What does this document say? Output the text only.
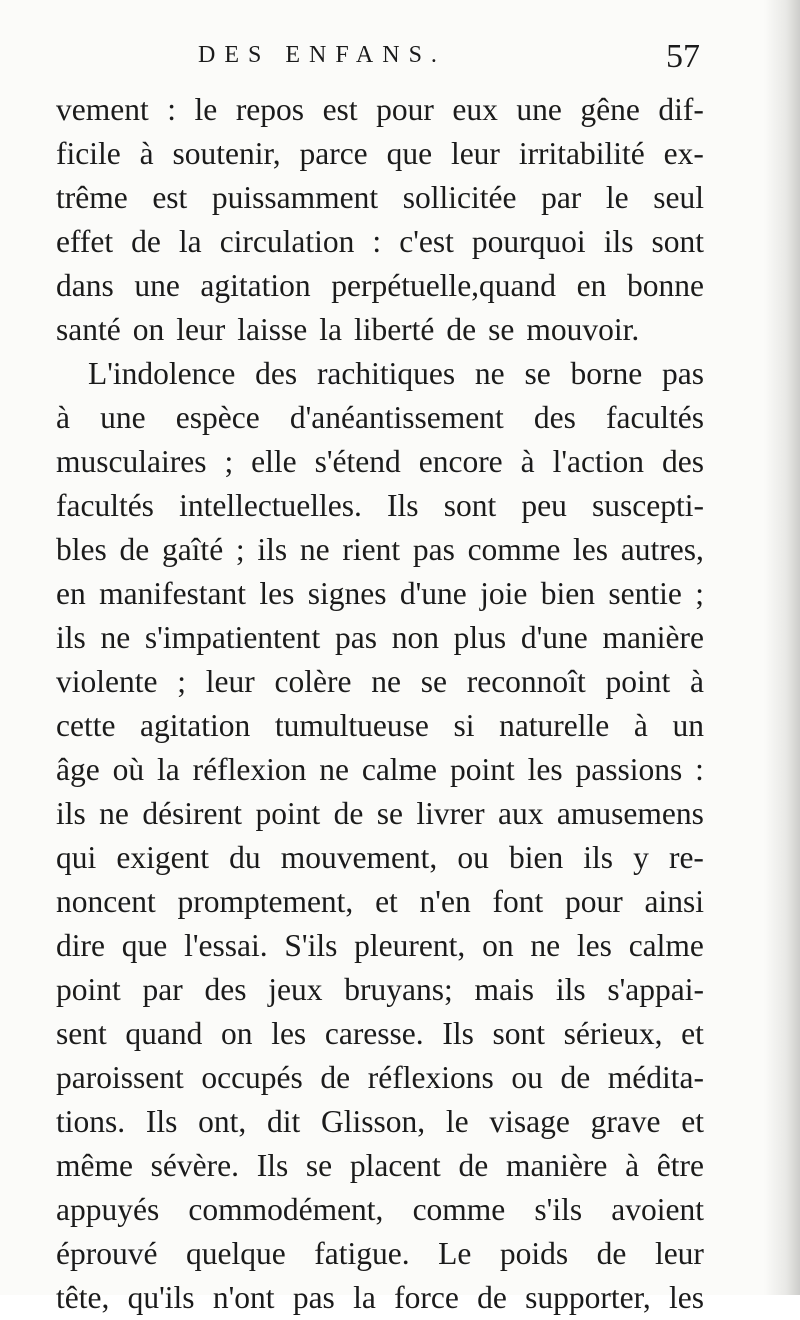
DES ENFANS.	57
vement : le repos est pour eux une gêne dif-
ficile à soutenir, parce que leur irritabilité ex-
trême est puissamment sollicitée par le seul
effet de la circulation : c'est pourquoi ils sont
dans une agitation perpétuelle,quand en bonne
santé on leur laisse la liberté de se mouvoir.
L'indolence des rachitiques ne se borne pas
à une espèce d'anéantissement des facultés
musculaires ; elle s'étend encore à l'action des
facultés intellectuelles. Ils sont peu suscepti-
bles de gaîté ; ils ne rient pas comme les autres,
en manifestant les signes d'une joie bien sentie ;
ils ne s'impatientent pas non plus d'une manière
violente ; leur colère ne se reconnoît point à
cette agitation tumultueuse si naturelle à un
âge où la réflexion ne calme point les passions :
ils ne désirent point de se livrer aux amusemens
qui exigent du mouvement, ou bien ils y re-
noncent promptement, et n'en font pour ainsi
dire que l'essai. S'ils pleurent, on ne les calme
point par des jeux bruyans; mais ils s'appai-
sent quand on les caresse. Ils sont sérieux, et
paroissent occupés de réflexions ou de médita-
tions. Ils ont, dit Glisson, le visage grave et
même sévère. Ils se placent de manière à être
appuyés commodément, comme s'ils avoient
éprouvé quelque fatigue. Le poids de leur
tête, qu'ils n'ont pas la force de supporter, les
